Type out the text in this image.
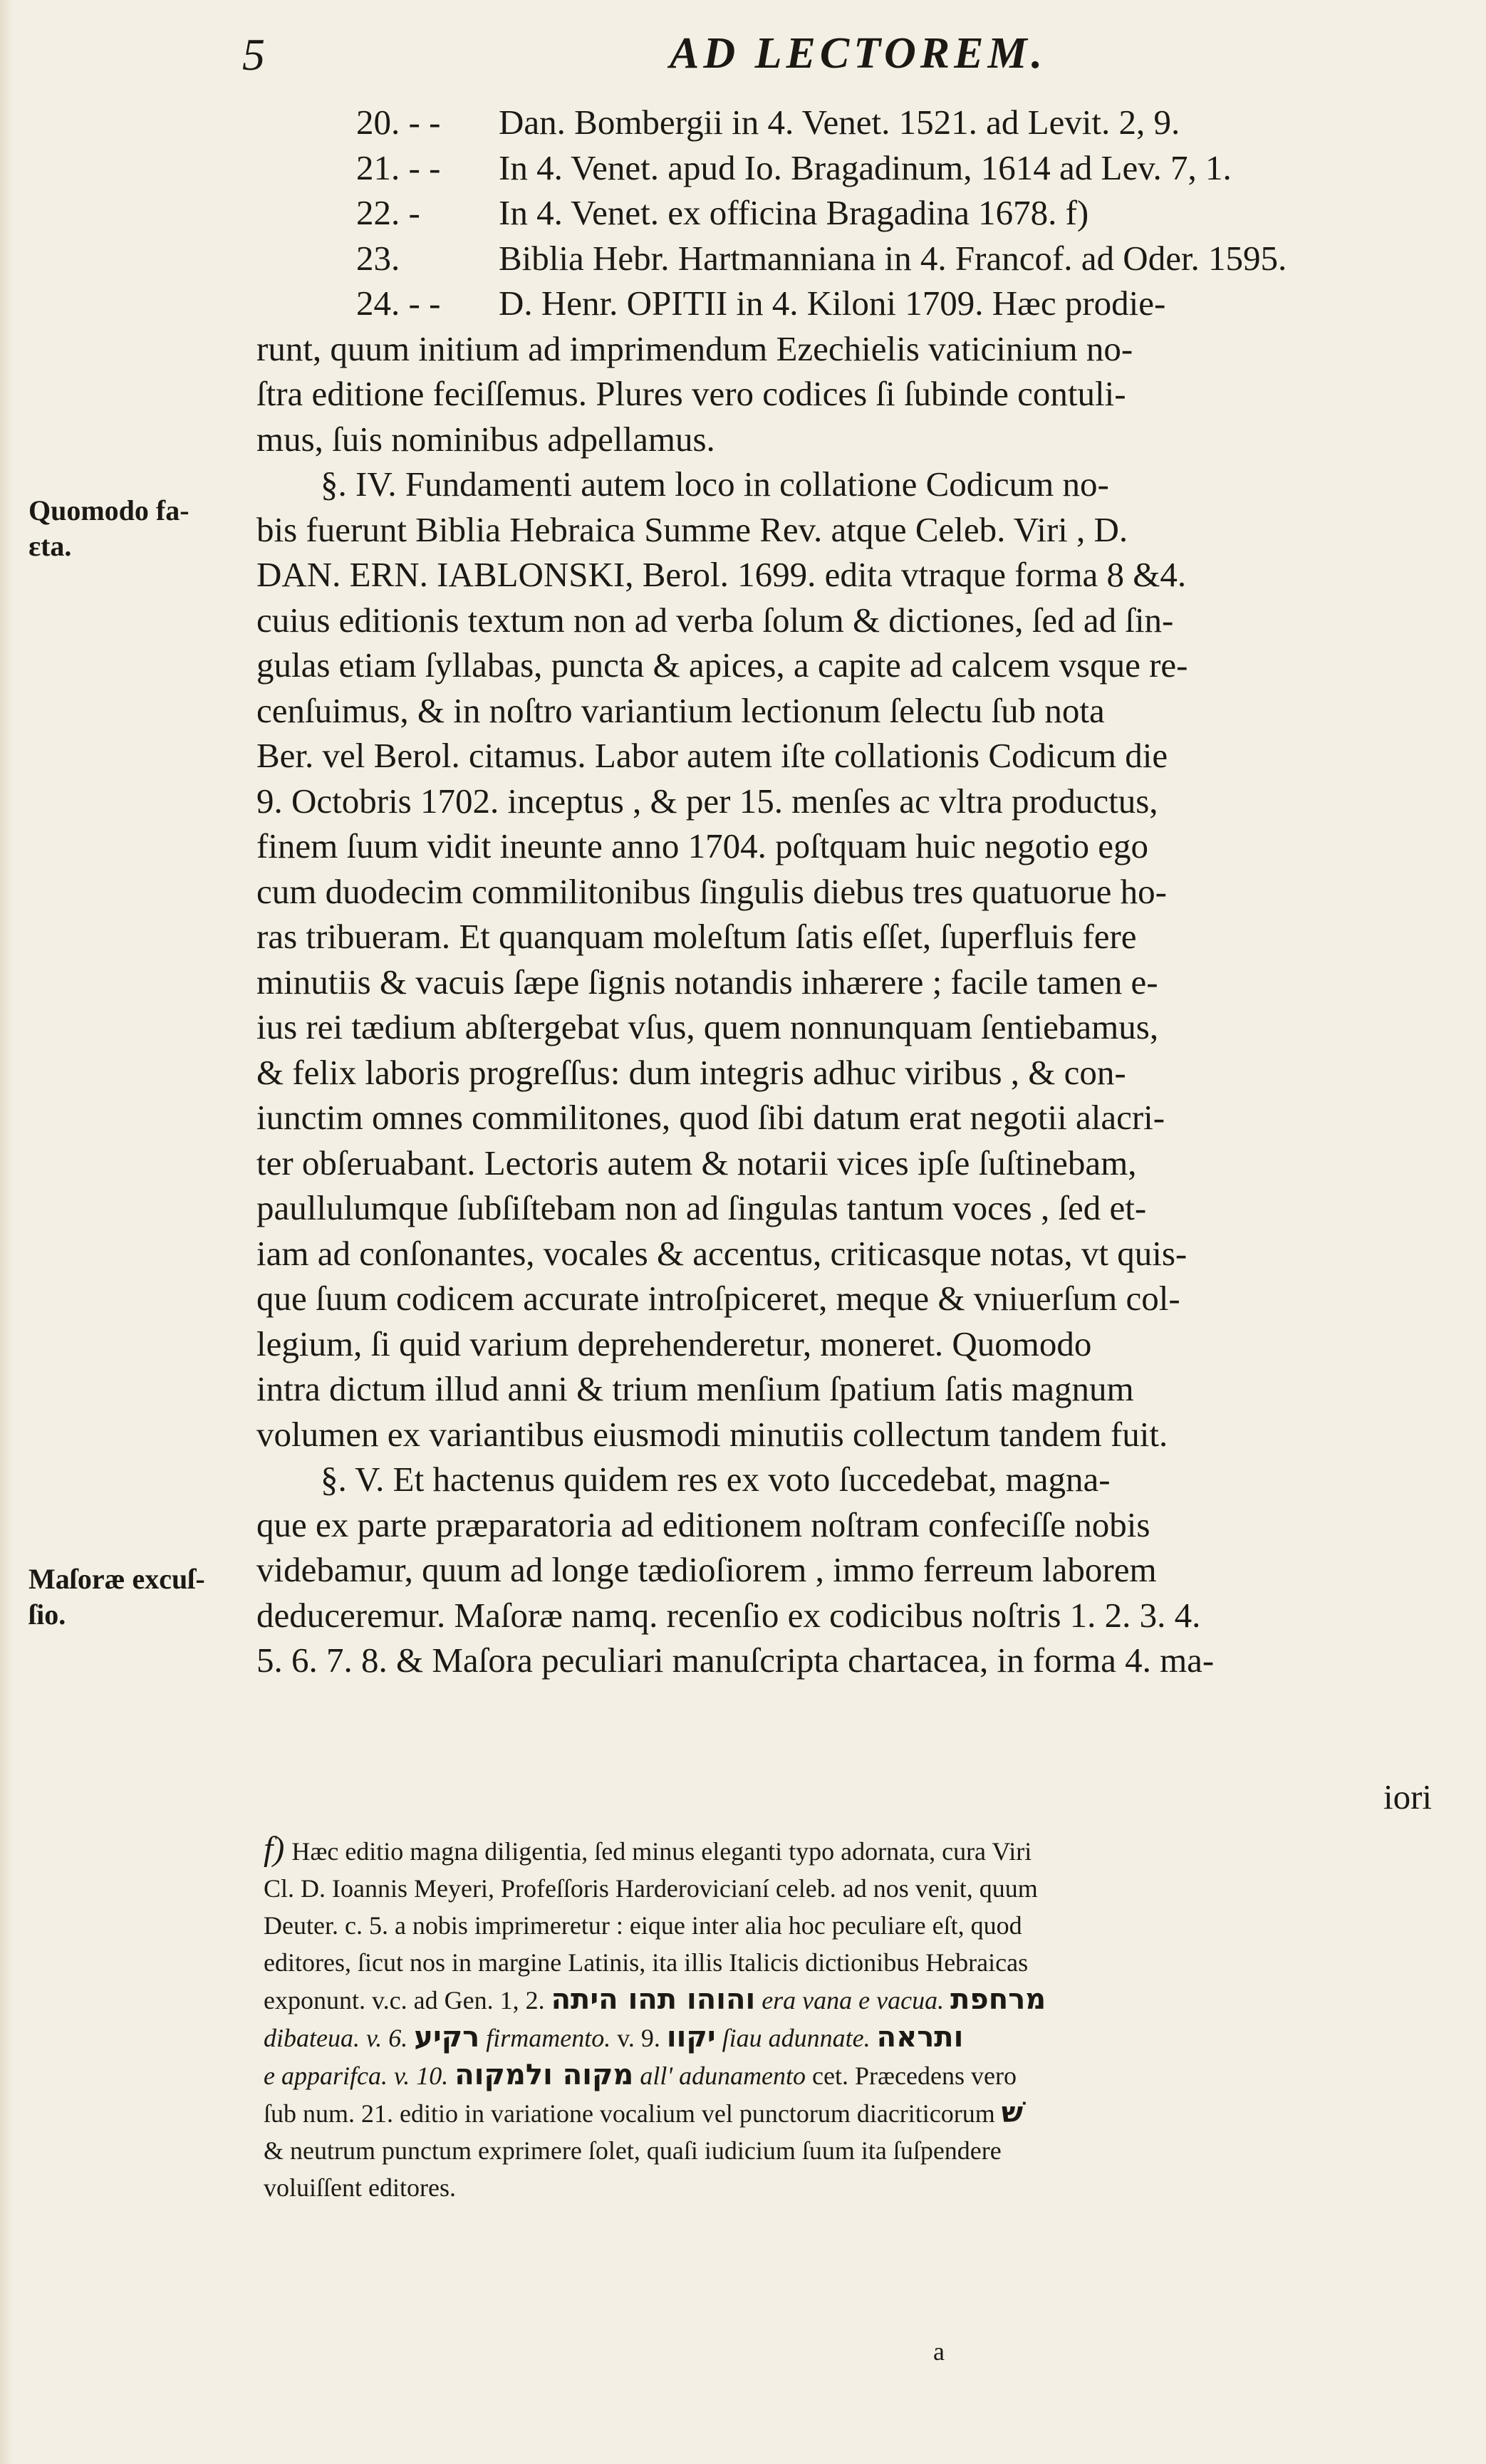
5	AD LECTOREM.
20. - - Dan. Bombergii in 4. Venet. 1521. ad Levit. 2, 9.
21. - - In 4. Venet. apud Io. Bragadinum, 1614 ad Lev. 7, 1.
22. - In 4. Venet. ex officina Bragadina 1678. f)
23.	Biblia Hebr. Hartmanniana in 4. Francof. ad Oder. 1595.
24. - - D. Henr. OPITII in 4. Kiloni 1709. Hæc prodie-
runt, quum initium ad imprimendum Ezechielis vaticinium no-
ſtra editione feciſſemus. Plures vero codices ſi ſubinde contuli-
mus, ſuis nominibus adpellamus.
§. IV. Fundamenti autem loco in collatione Codicum no-
bis fuerunt Biblia Hebraica Summe Rev. atque Celeb. Viri , D.
DAN. ERN. IABLONSKI, Berol. 1699. edita vtraque forma 8 &4.
cuius editionis textum non ad verba ſolum & dictiones, ſed ad ſin-
gulas etiam ſyllabas, puncta & apices, a capite ad calcem vsque re-
cenſuimus, & in noſtro variantium lectionum ſelectu ſub nota
Ber. vel Berol. citamus. Labor autem iſte collationis Codicum die
9. Octobris 1702. inceptus , & per 15. menſes ac vltra productus,
finem ſuum vidit ineunte anno 1704. poſtquam huic negotio ego
cum duodecim commilitonibus ſingulis diebus tres quatuorue ho-
ras tribueram. Et quanquam moleſtum ſatis eſſet, ſuperfluis fere
minutiis & vacuis ſæpe ſignis notandis inhærere ; facile tamen e-
ius rei tædium abſtergebat vſus, quem nonnunquam ſentiebamus,
& felix laboris progreſſus: dum integris adhuc viribus , & con-
iunctim omnes commilitones, quod ſibi datum erat negotii alacri-
ter obſeruabant. Lectoris autem & notarii vices ipſe ſuſtinebam,
paullulumque ſubſiſtebam non ad ſingulas tantum voces , ſed et-
iam ad conſonantes, vocales & accentus, criticasque notas, vt quis-
que ſuum codicem accurate introſpiceret, meque & vniuerſum col-
legium, ſi quid varium deprehenderetur, moneret. Quomodo
intra dictum illud anni & trium menſium ſpatium ſatis magnum
volumen ex variantibus eiusmodi minutiis collectum tandem fuit.
§. V. Et hactenus quidem res ex voto ſuccedebat, magna-
que ex parte præparatoria ad editionem noſtram confeciſſe nobis
videbamur, quum ad longe tædioſiorem , immo ferreum laborem
deduceremur. Maſoræ namq. recenſio ex codicibus noſtris 1. 2. 3. 4.
5. 6. 7. 8. & Maſora peculiari manuſcripta chartacea, in forma 4. ma-
Quomodo fa-
ɛta.
Maſoræ excuſ-
ſio.
iori
f) Hæc editio magna diligentia, ſed minus eleganti typo adornata, cura Viri
Cl. D. Ioannis Meyeri, Profeſſoris Harderovicianí celeb. ad nos venit, quum
Deuter. c. 5. a nobis imprimeretur : eique inter alia hoc peculiare eſt, quod
editores, ſicut nos in margine Latinis, ita illis Italicis dictionibus Hebraicas
exponunt. v.c. ad Gen. 1, 2. והוהו תהו היתה era vana e vacua. מרחפת
dibateua. v. 6. רקיע firmamento. v. 9. יקוו ſiau adunnate. ותראה
e apparifca. v. 10. מקוה ולמקוה all' adunamento cet. Præcedens vero
ſub num. 21. editio in variatione vocalium vel punctorum diacriticorum שׁ
& neutrum punctum exprimere ſolet, quaſi iudicium ſuum ita ſuſpendere
voluiſſent editores.
a
